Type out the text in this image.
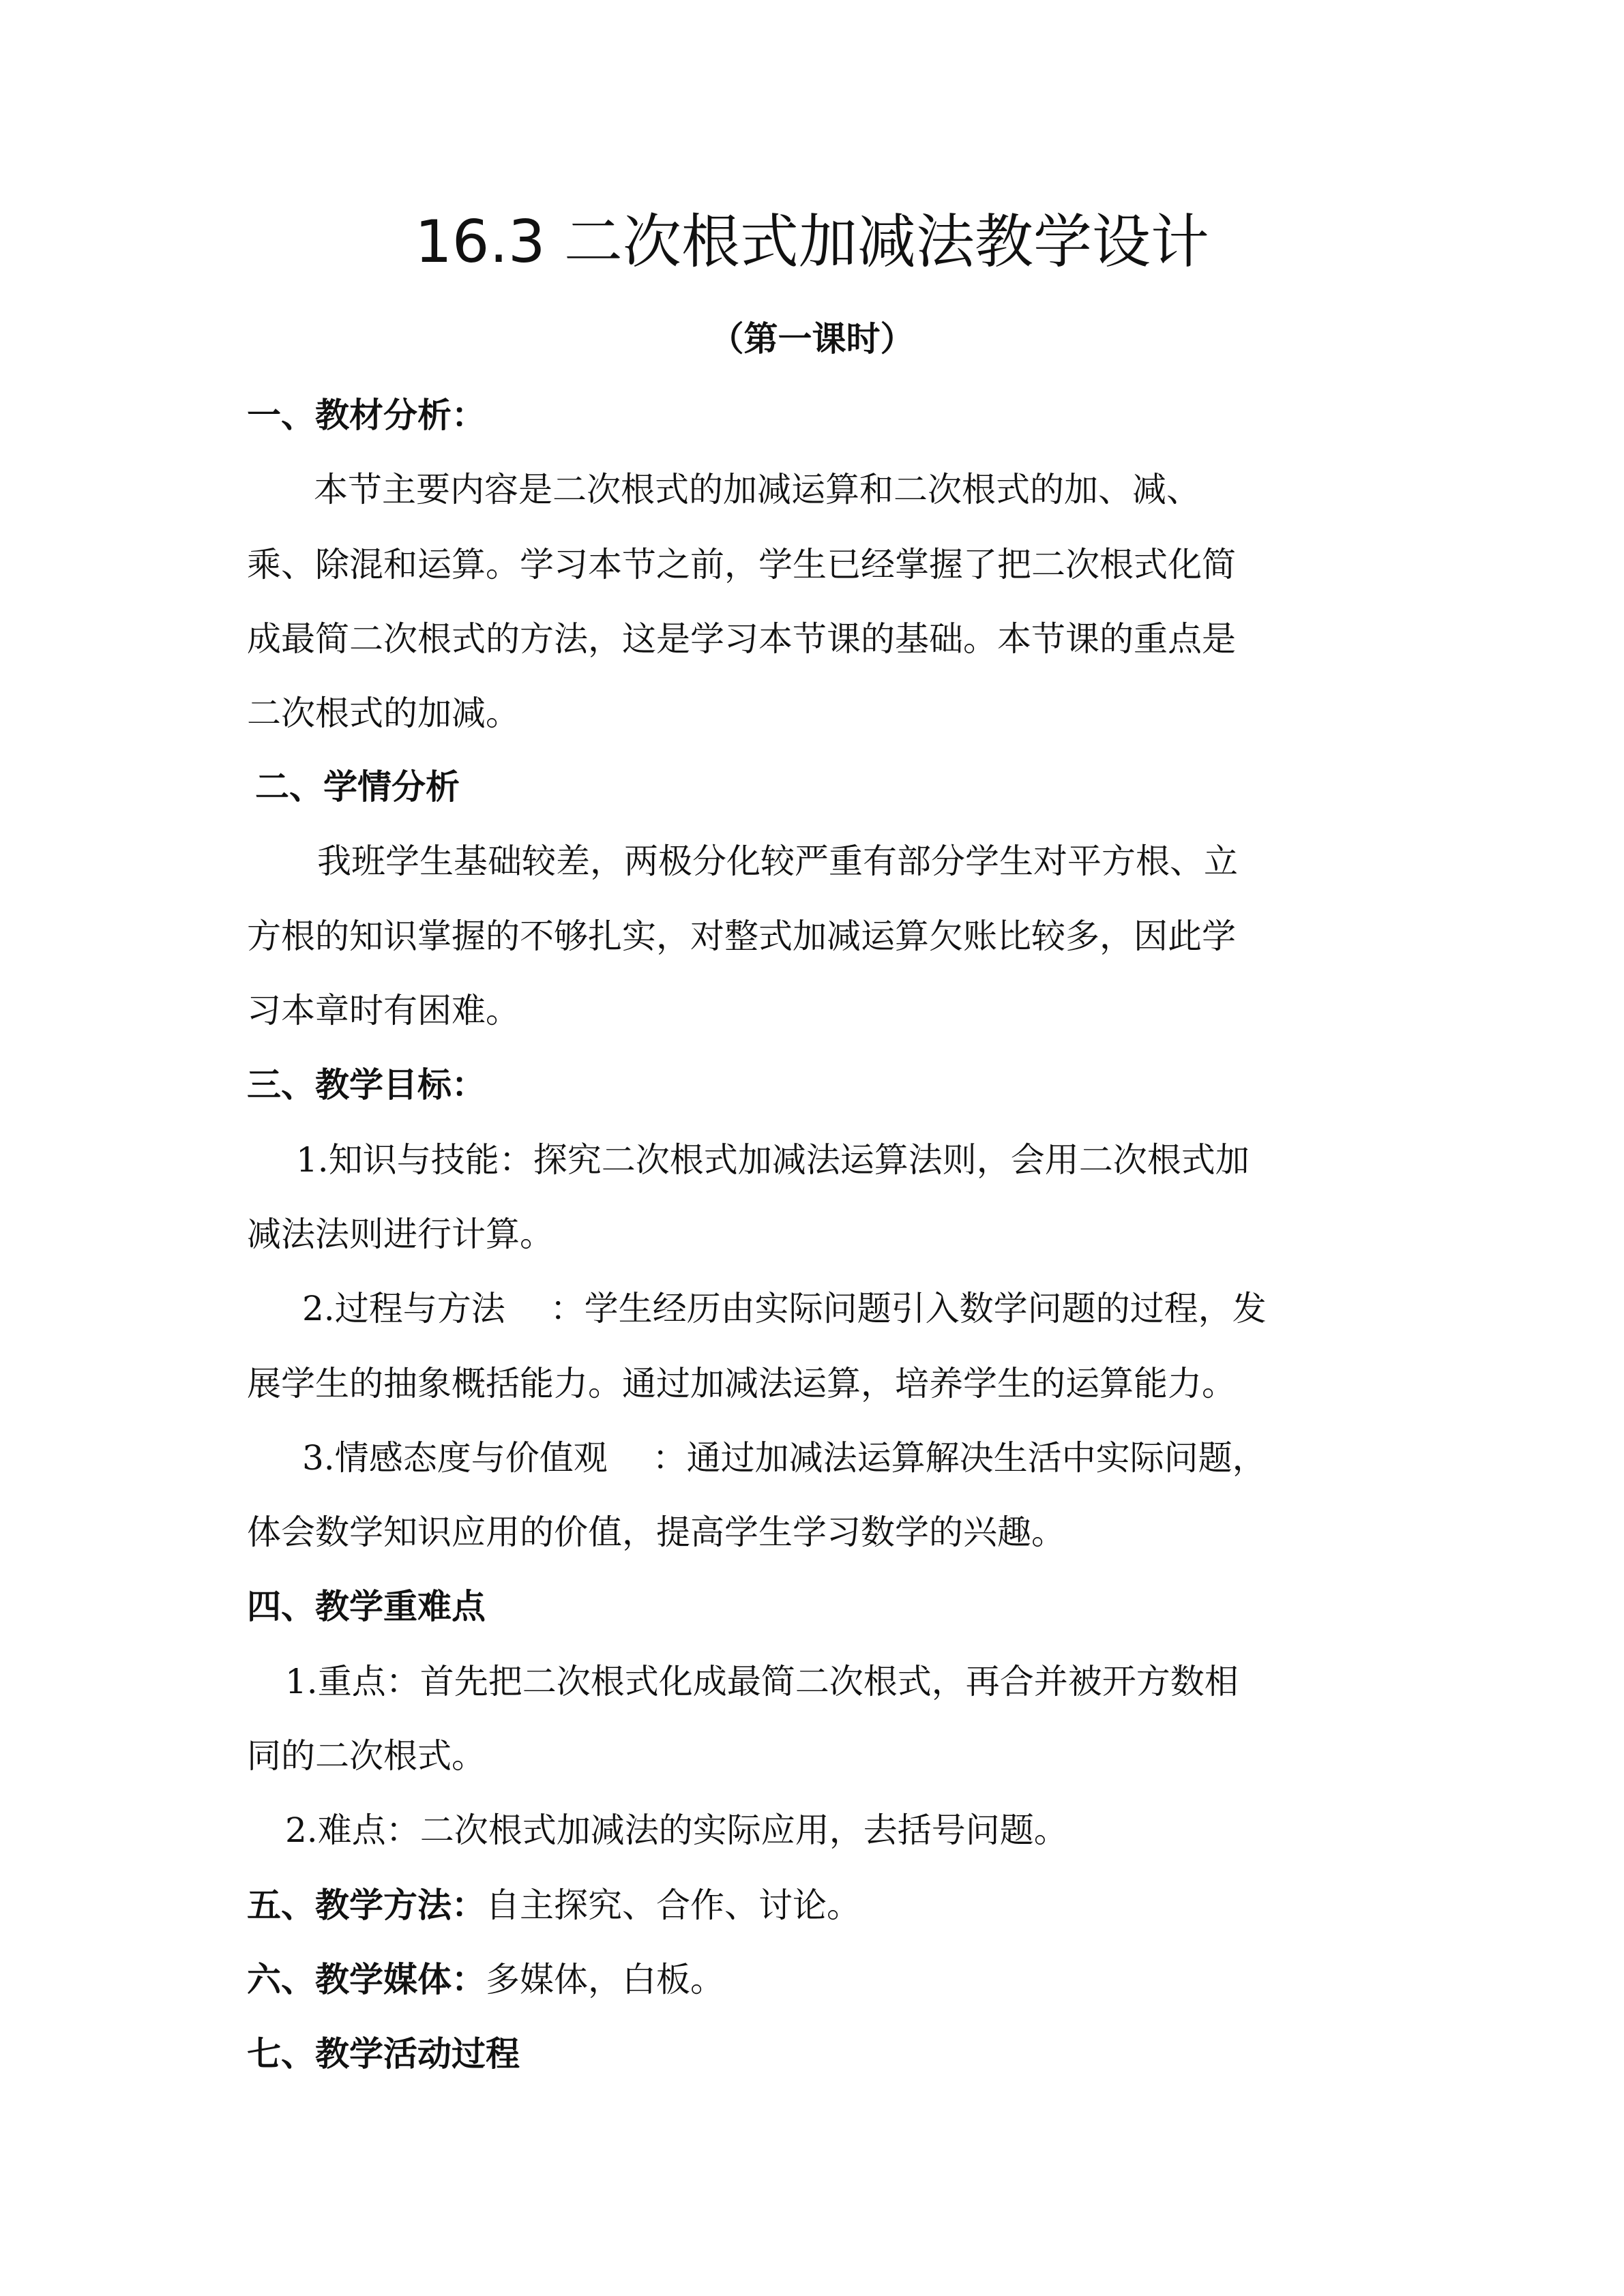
16.3 二次根式加减法教学设计
（第一课时）
一、教材分析：
本节主要内容是二次根式的加减运算和二次根式的加、减、
乘、除混和运算。学习本节之前，学生已经掌握了把二次根式化简
成最简二次根式的方法，这是学习本节课的基础。本节课的重点是
二次根式的加减。
二、学情分析
我班学生基础较差，两极分化较严重有部分学生对平方根、立
方根的知识掌握的不够扎实，对整式加减运算欠账比较多，因此学
习本章时有困难。
三、教学目标：
1.知识与技能：探究二次根式加减法运算法则，会用二次根式加
减法法则进行计算。
2.过程与方法　 ：学生经历由实际问题引入数学问题的过程，发
展学生的抽象概括能力。通过加减法运算，培养学生的运算能力。
3.情感态度与价值观　 ：通过加减法运算解决生活中实际问题，
体会数学知识应用的价值，提高学生学习数学的兴趣。
四、教学重难点
1.重点：首先把二次根式化成最简二次根式，再合并被开方数相
同的二次根式。
2.难点：二次根式加减法的实际应用，去括号问题。
五、教学方法：自主探究、合作、讨论。
六、教学媒体：多媒体，白板。
七、教学活动过程
